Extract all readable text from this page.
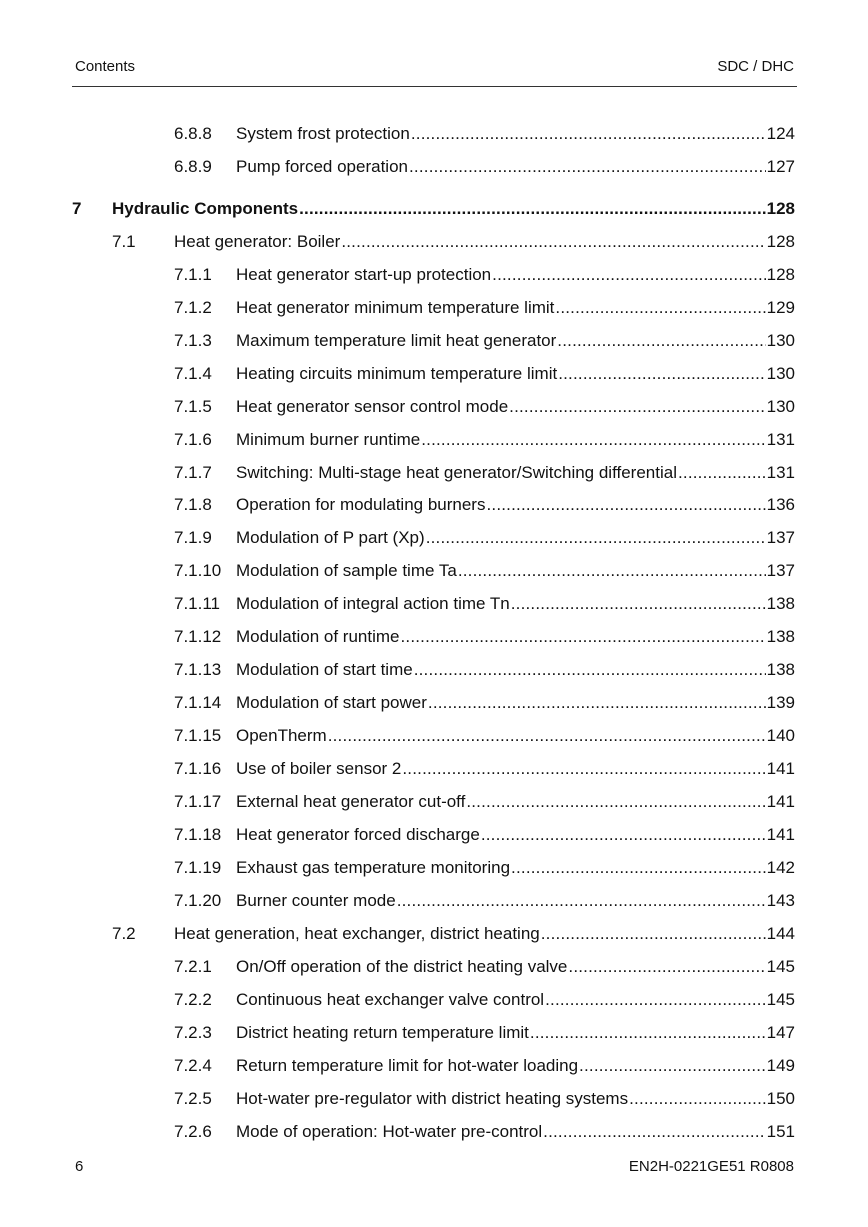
Contents	SDC / DHC
6.8.8 System frost protection .....	124
6.8.9 Pump forced operation .....	127
7 Hydraulic Components .....	128
7.1 Heat generator: Boiler .....	128
7.1.1 Heat generator start-up protection .....	128
7.1.2 Heat generator minimum temperature limit .....	129
7.1.3 Maximum temperature limit heat generator .....	130
7.1.4 Heating circuits minimum temperature limit .....	130
7.1.5 Heat generator sensor control mode .....	130
7.1.6 Minimum burner runtime .....	131
7.1.7 Switching: Multi-stage heat generator/Switching differential .....	131
7.1.8 Operation for modulating burners .....	136
7.1.9 Modulation of P part (Xp) .....	137
7.1.10 Modulation of sample time Ta .....	137
7.1.11 Modulation of integral action time Tn .....	138
7.1.12 Modulation of runtime .....	138
7.1.13 Modulation of start time .....	138
7.1.14 Modulation of start power .....	139
7.1.15 OpenTherm .....	140
7.1.16 Use of boiler sensor 2 .....	141
7.1.17 External heat generator cut-off .....	141
7.1.18 Heat generator forced discharge .....	141
7.1.19 Exhaust gas temperature monitoring .....	142
7.1.20 Burner counter mode .....	143
7.2 Heat generation, heat exchanger, district heating .....	144
7.2.1 On/Off operation of the district heating valve .....	145
7.2.2 Continuous heat exchanger valve control .....	145
7.2.3 District heating return temperature limit .....	147
7.2.4 Return temperature limit for hot-water loading .....	149
7.2.5 Hot-water pre-regulator with district heating systems .....	150
7.2.6 Mode of operation: Hot-water pre-control .....	151
6	EN2H-0221GE51 R0808
